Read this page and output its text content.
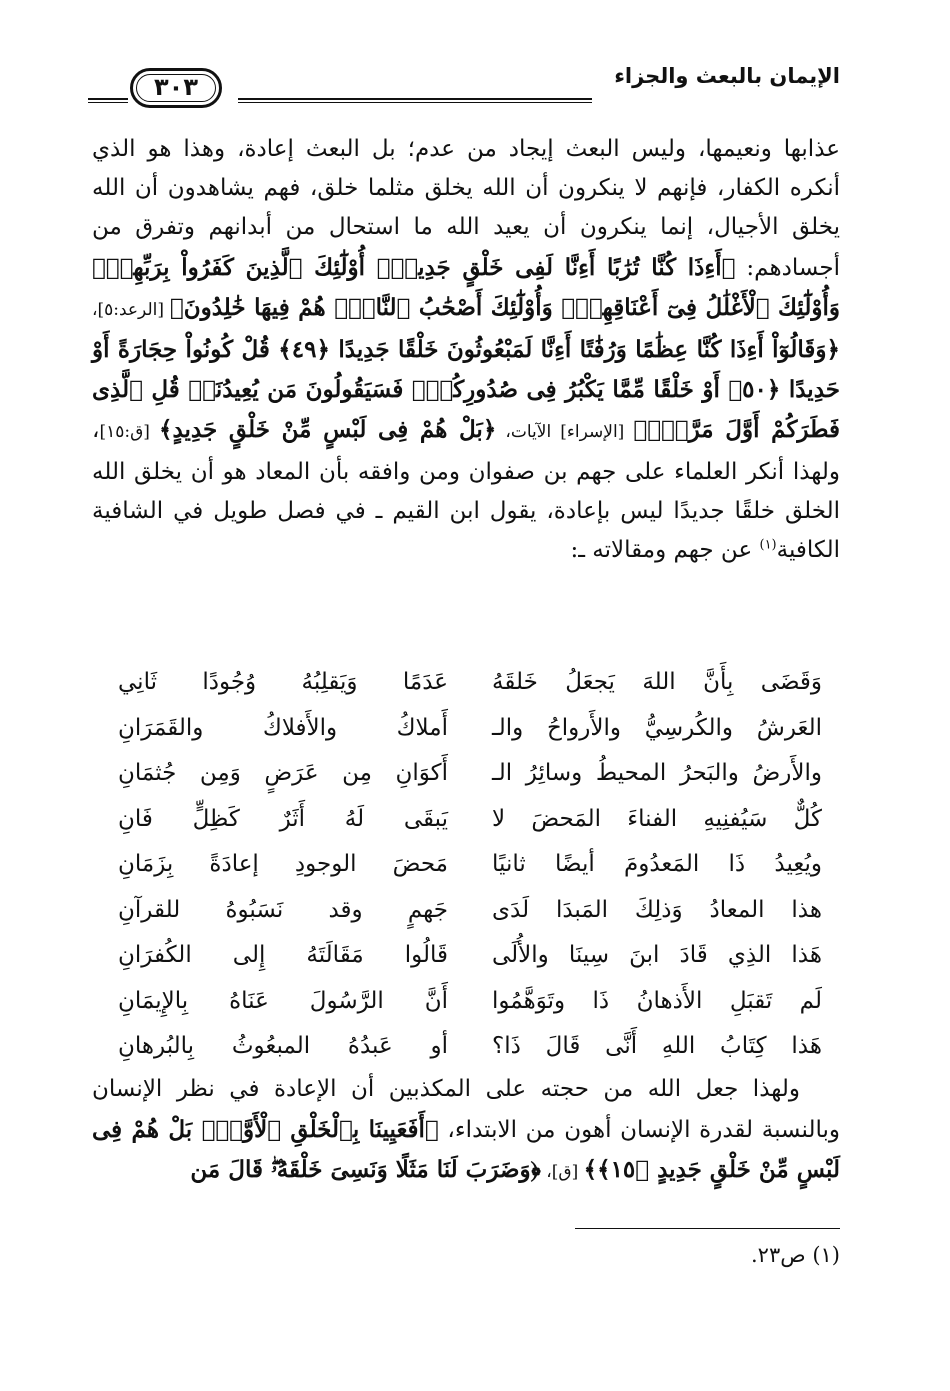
الإيمان بالبعث والجزاء
٣٠٣

عذابها ونعيمها، وليس البعث إيجاد من عدم؛ بل البعث إعادة، وهذا هو الذي أنكره الكفار، فإنهم لا ينكرون أن الله يخلق مثلما خلق، فهم يشاهدون أن الله يخلق الأجيال، إنما ينكرون أن يعيد الله ما استحال من أبدانهم وتفرق من أجسادهم: ﴿أَءِذَا كُنَّا تُرَٰبًا أَءِنَّا لَفِى خَلْقٍ جَدِيدٍۗ أُوْلَٰٓئِكَ ٱلَّذِينَ كَفَرُواْ بِرَبِّهِمْۖ وَأُوْلَٰٓئِكَ ٱلْأَغْلَٰلُ فِىٓ أَعْنَاقِهِمْۖ وَأُوْلَٰٓئِكَ أَصْحَٰبُ ٱلنَّارِۖ هُمْ فِيهَا خَٰلِدُونَ﴾ [الرعد:٥]، ﴿وَقَالُوٓاْ أَءِذَا كُنَّا عِظَٰمًا وَرُفَٰتًا أَءِنَّا لَمَبْعُوثُونَ خَلْقًا جَدِيدًا ﴿٤٩﴾ قُلْ كُونُواْ حِجَارَةً أَوْ حَدِيدًا ﴿٥٠﴾ أَوْ خَلْقًا مِّمَّا يَكْبُرُ فِى صُدُورِكُمْۚ فَسَيَقُولُونَ مَن يُعِيدُنَاۖ قُلِ ٱلَّذِى فَطَرَكُمْ أَوَّلَ مَرَّةٍۚ﴾ [الإسراء] الآيات، ﴿بَلْ هُمْ فِى لَبْسٍ مِّنْ خَلْقٍ جَدِيدٍ﴾ [ق:١٥]، ولهذا أنكر العلماء على جهم بن صفوان ومن وافقه بأن المعاد هو أن يخلق الله الخلق خلقًا جديدًا ليس بإعادة، يقول ابن القيم ـ في فصل طويل في الشافية الكافية$^{(١)}$ عن جهم ومقالاته ـ:

وَقَضَى بِأَنَّ اللهَ يَجعَلُ خَلقَهُ
عَدَمًا وَيَقلِبُهُ وُجُودًا ثَانِي
العَرشُ والكُرسِيُّ والأَرواحُ والـ
أَملاكُ والأَفلاكُ والقَمَرَانِ
والأَرضُ والبَحرُ المحيطُ وسائِرُ الـ
أَكوَانِ مِن عَرَضٍ وَمِن جُثمَانِ
كُلٌّ سَيُفنِيهِ الفناءَ المَحضَ لا
يَبقَى لَهُ أَثَرٌ كَظِلٍّ فَانِ
ويُعِيدُ ذَا المَعدُومَ أيضًا ثانيًا
مَحضَ الوجودِ إعادَةً بِزَمَانِ
هذا المعادُ وَذلِكَ المَبدَا لَدَى
جَهمٍ وقد نَسَبُوهُ للقرآنِ
هَذا الذِي قَادَ ابنَ سِينَا والأُلَى
قَالُوا مَقَالَتَهُ إِلى الكُفرَانِ
لَم تَقبَلِ الأَذهانُ ذَا وتَوَهَّمُوا
أَنَّ الرَّسُولَ عَنَاهُ بِالإِيمَانِ
هَذا كِتَابُ اللهِ أَنَّى قَالَ ذَا؟
أو عَبدُهُ المبعُوثُ بِالبُرهانِ

ولهذا جعل الله من حجته على المكذبين أن الإعادة في نظر الإنسان وبالنسبة لقدرة الإنسان أهون من الابتداء، ﴿أَفَعَيِينَا بِٱلْخَلْقِ ٱلْأَوَّلِۚ بَلْ هُمْ فِى لَبْسٍ مِّنْ خَلْقٍ جَدِيدٍ ﴿١٥﴾﴾ [ق]، ﴿وَضَرَبَ لَنَا مَثَلًا وَنَسِىَ خَلْقَهُۥۖ قَالَ مَن

(١) ص٢٣.
